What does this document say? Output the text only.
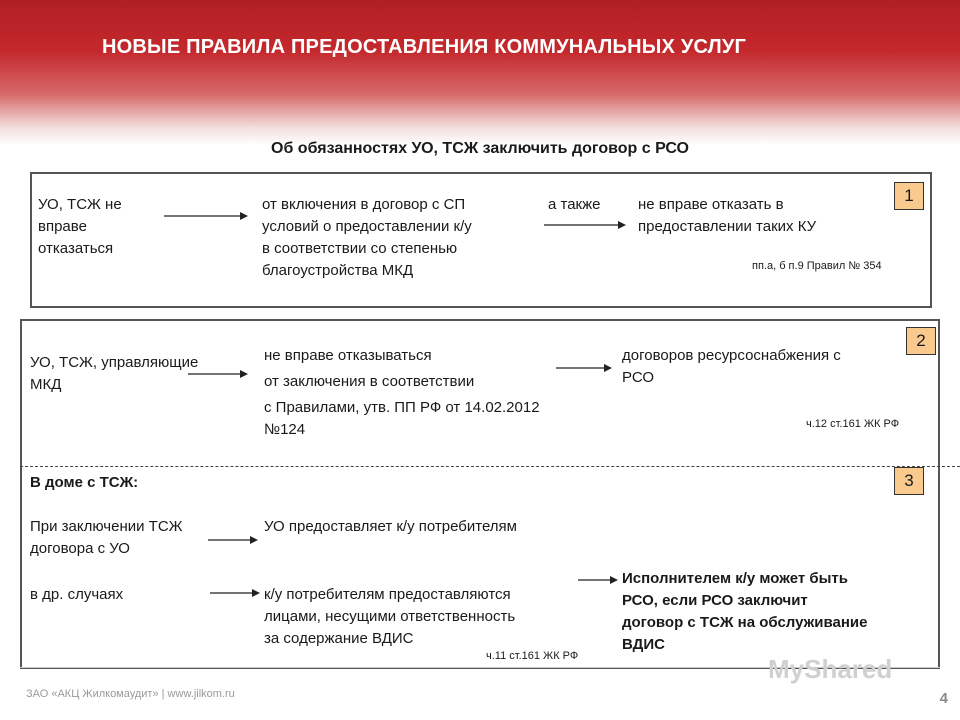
НОВЫЕ ПРАВИЛА ПРЕДОСТАВЛЕНИЯ КОММУНАЛЬНЫХ УСЛУГ
Об обязанностях УО, ТСЖ заключить договор с РСО
1
УО, ТСЖ не
вправе
отказаться
от включения в договор с СП
условий о предоставлении к/у
в соответствии со степенью
благоустройства МКД
а также	не вправе отказать в
предоставлении таких КУ
пп.а, б п.9 Правил № 354
2
УО, ТСЖ, управляющие
МКД
не вправе отказываться
от заключения в соответствии
с Правилами, утв. ПП РФ от 14.02.2012
№124
договоров ресурсоснабжения с
РСО
ч.12 ст.161 ЖК РФ
3
В доме с ТСЖ:
При заключении ТСЖ
договора с УО
УО предоставляет к/у потребителям
в др. случаях	к/у потребителям предоставляются
лицами, несущими ответственность
за содержание ВДИС
Исполнителем к/у может быть
РСО, если РСО заключит
договор с ТСЖ на обслуживание
ВДИС
ч.11 ст.161 ЖК РФ	MyShared
ЗАО «АКЦ Жилкомаудит» | www.jilkom.ru	4
